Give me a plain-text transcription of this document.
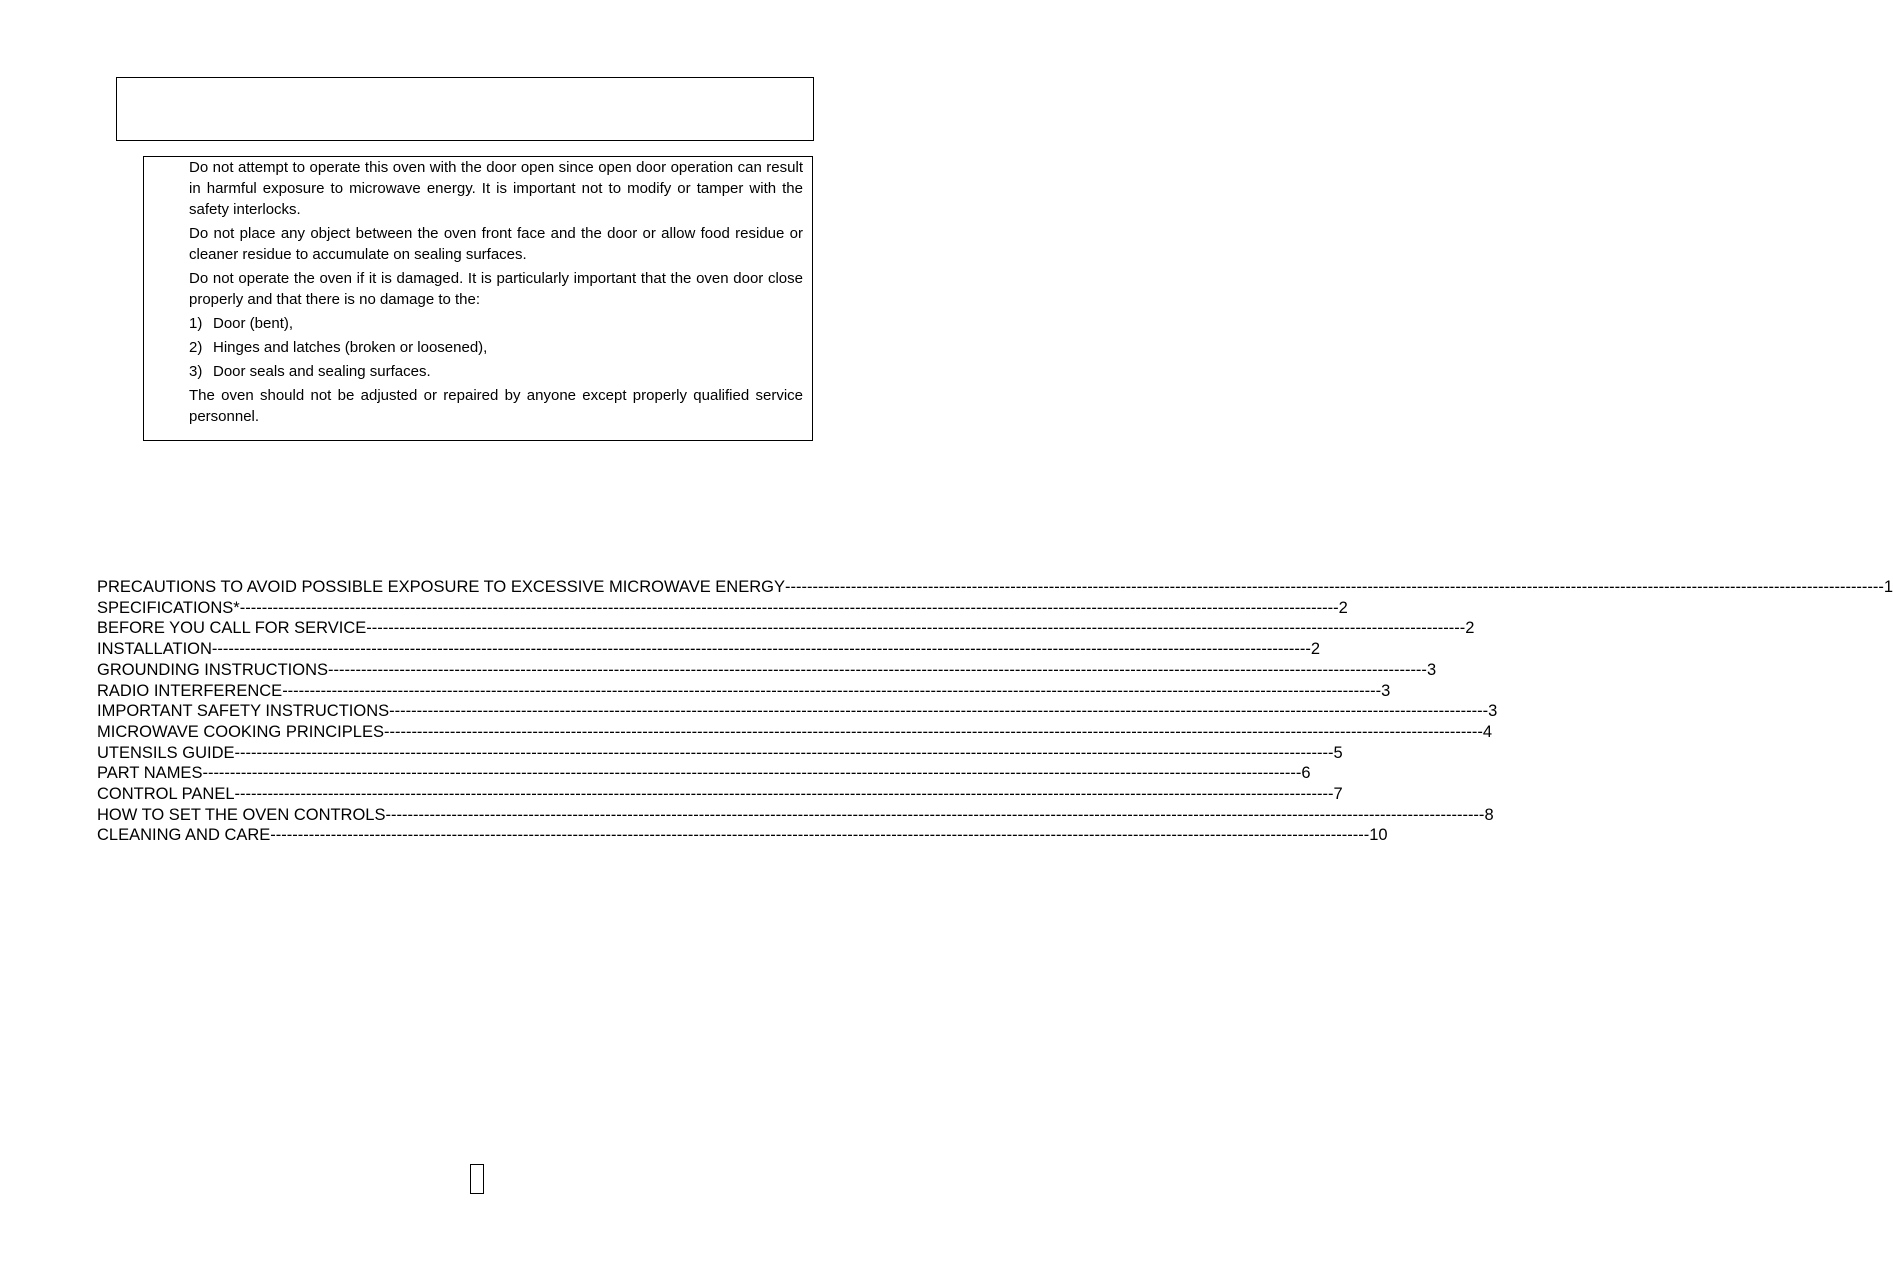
Do not attempt to operate this oven with the door open since open door operation can result in harmful exposure to microwave energy. It is important not to modify or tamper with the safety interlocks.

Do not place any object between the oven front face and the door or allow food residue or cleaner residue to accumulate on sealing surfaces.

Do not operate the oven if it is damaged. It is particularly important that the oven door close properly and that there is no damage to the:

1) Door (bent),
2) Hinges and latches (broken or loosened),
3) Door seals and sealing surfaces.

The oven should not be adjusted or repaired by anyone except properly qualified service personnel.

PRECAUTIONS TO AVOID POSSIBLE EXPOSURE TO EXCESSIVE MICROWAVE ENERGY -------------------------------------------------------------------------------------------------------------------------------------------------------------------------------------------------------- 1
SPECIFICATIONS* -------------------------------------------------------------------------------------------------------------------------------------------------------------------------------------------------------- 2
BEFORE YOU CALL FOR SERVICE -------------------------------------------------------------------------------------------------------------------------------------------------------------------------------------------------------- 2
INSTALLATION -------------------------------------------------------------------------------------------------------------------------------------------------------------------------------------------------------- 2
GROUNDING INSTRUCTIONS -------------------------------------------------------------------------------------------------------------------------------------------------------------------------------------------------------- 3
RADIO INTERFERENCE -------------------------------------------------------------------------------------------------------------------------------------------------------------------------------------------------------- 3
IMPORTANT SAFETY INSTRUCTIONS -------------------------------------------------------------------------------------------------------------------------------------------------------------------------------------------------------- 3
MICROWAVE COOKING PRINCIPLES -------------------------------------------------------------------------------------------------------------------------------------------------------------------------------------------------------- 4
UTENSILS GUIDE -------------------------------------------------------------------------------------------------------------------------------------------------------------------------------------------------------- 5
PART NAMES -------------------------------------------------------------------------------------------------------------------------------------------------------------------------------------------------------- 6
CONTROL PANEL -------------------------------------------------------------------------------------------------------------------------------------------------------------------------------------------------------- 7
HOW TO SET THE OVEN CONTROLS -------------------------------------------------------------------------------------------------------------------------------------------------------------------------------------------------------- 8
CLEANING AND CARE -------------------------------------------------------------------------------------------------------------------------------------------------------------------------------------------------------- 10
